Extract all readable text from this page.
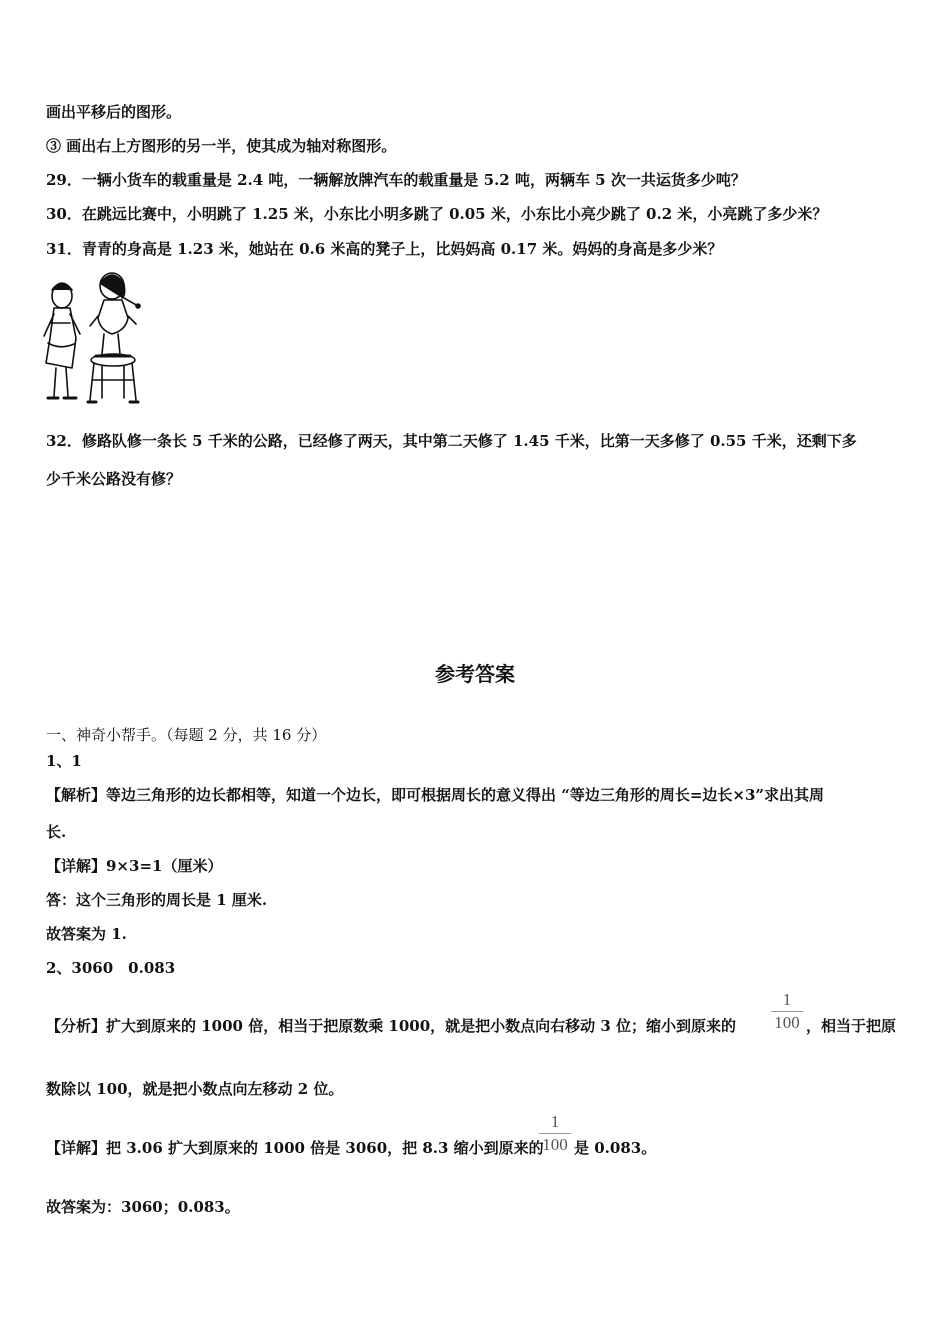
画出平移后的图形。
③ 画出右上方图形的另一半，使其成为轴对称图形。
29．一辆小货车的载重量是 2.4 吨，一辆解放牌汽车的载重量是 5.2 吨，两辆车 5 次一共运货多少吨？
30．在跳远比赛中，小明跳了 1.25 米，小东比小明多跳了 0.05 米，小东比小亮少跳了 0.2 米，小亮跳了多少米？
31．青青的身高是 1.23 米，她站在 0.6 米高的凳子上，比妈妈高 0.17 米。妈妈的身高是多少米？
32．修路队修一条长 5 千米的公路，已经修了两天，其中第二天修了 1.45 千米，比第一天多修了 0.55 千米，还剩下多
少千米公路没有修？
参考答案
一、神奇小帮手。（每题 2 分，共 16 分）
1、1
【解析】等边三角形的边长都相等，知道一个边长，即可根据周长的意义得出 “等边三角形的周长=边长×3”求出其周
长.
【详解】9×3=1（厘米）
答：这个三角形的周长是 1 厘米.
故答案为 1.
2、3060　0.083
【分析】扩大到原来的 1000 倍，相当于把原数乘 1000，就是把小数点向右移动 3 位；缩小到原来的
1
100 ，相当于把原
数除以 100，就是把小数点向左移动 2 位。
【详解】把 3.06 扩大到原来的 1000 倍是 3060，把 8.3 缩小到原来的
1
100 是 0.083。
故答案为：3060；0.083。
